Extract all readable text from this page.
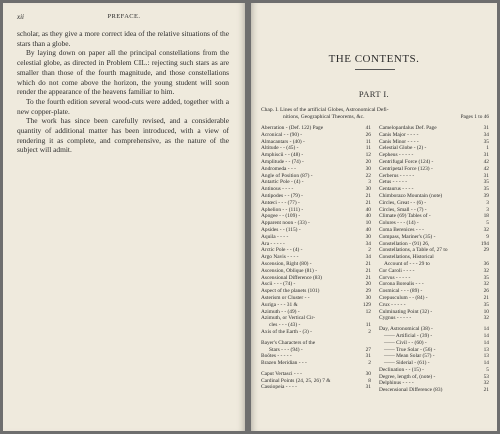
xii	PREFACE.

scholar, as they give a more correct idea of the relative situations of the stars than a globe.

By laying down on paper all the principal constellations from the celestial globe, as directed in Problem CIL.: rejecting such stars as are smaller than those of the fourth magnitude, and those constellations which do not come above the horizon, the young student will soon render the appearance of the heavens familiar to him.

To the fourth edition several wood-cuts were added, together with a new copper-plate.

The work has since been carefully revised, and a considerable quantity of additional matter has been introduced, with a view of rendering it as complete, and comprehensive, as the nature of the subject will admit.

THE CONTENTS.
PART I.
Chap. I. Lines of the artificial Globes, Astronomical Defi-
nitions, Geographical Theorems, &c.	Pages 1 to 46
Aberration - (Def. 122) Page	41
Acronical - - (90) -	26
Almacantars - (40) -	11
Altitude - - (45) -	11
Amphiscii - - (48) -	12
Amplitude - - (74) -	20
Andromeda - - -	30
Angle of Position (87) -	22
Antartic Pole - (4) -	3
Antinous - - - -	30
Antipodes - - (79) -	21
Antœci - - - (77) -	21
Aphelion - - (111) -	40
Apogee - - (109) -	40
Apparent noon - (33) -	10
Apsides - - (115) -	40
Aquila - - - -	30
Ara - - - - -	34
Arctic Pole - - (4) -	2
Argo Navis - - - -	34
Ascension, Right (80) -	21
Ascension, Oblique (81) -	21
Ascensional Difference (83)	21
Ascii - - - (74) -	20
Aspect of the planets (101)	29
Asterism or Cluster - -	30
Auriga - - - 31 &	129
Azimuth - - (49) -	12
Azimuth, or Vertical Cir-
cles - - - (43) -	11
Axis of the Earth - (3) -	2
Bayer's Characters of the
Stars - - - (94) -	27
Boötes - - - - -	31
Brazen Meridian - - -	2
Caput Vertasci - - -	30
Cardinal Points (24, 25, 26) 7 &	8
Cassiopeia - - - -	31
Camelopardalus Def. Page	31
Canis Major - - - -	34
Canis Minor - - - -	35
Celestial Globe - (2) -	1
Cepheus - - - - -	31
Centrifugal Force (124) -	42
Centripetal Force (123) -	42
Cerberus - - - - -	31
Cetus - - - - -	35
Centaurus - - - -	35
Chimborazo Mountain (note)	39
Circles, Great - - (6) -	3
Circles, Small - - (7) -	3
Climate (69) Tables of -	18
Colures - - - (14) -	5
Coma Berenices - - -	32
Compass, Mariner's (35) -	9
Constellation - (91) 26,	194
Constellations, a Table of, 27 to	29
Constellations, Historical
Account of - - - 29 to	36
Cor Caroli - - - -	32
Corvus - - - - -	35
Corona Borealis - - -	32
Cosmical - - - (89) -	26
Crepusculum - - (84) -	21
Crux - - - - -	35
Culminating Point (32) -	10
Cygnus - - - - -	32
Day, Astronomical (38) -	14
—— Artificial - (39) -	14
—— Civil - - (60) -	14
—— True Solar - (56) -	13
—— Mean Solar (57) -	13
—— Siderial - (61) -	14
Declination - - (15) -	5
Degree, length of, (note) -	53
Delphinus - - - -	32
Descensional Difference (83)	21
